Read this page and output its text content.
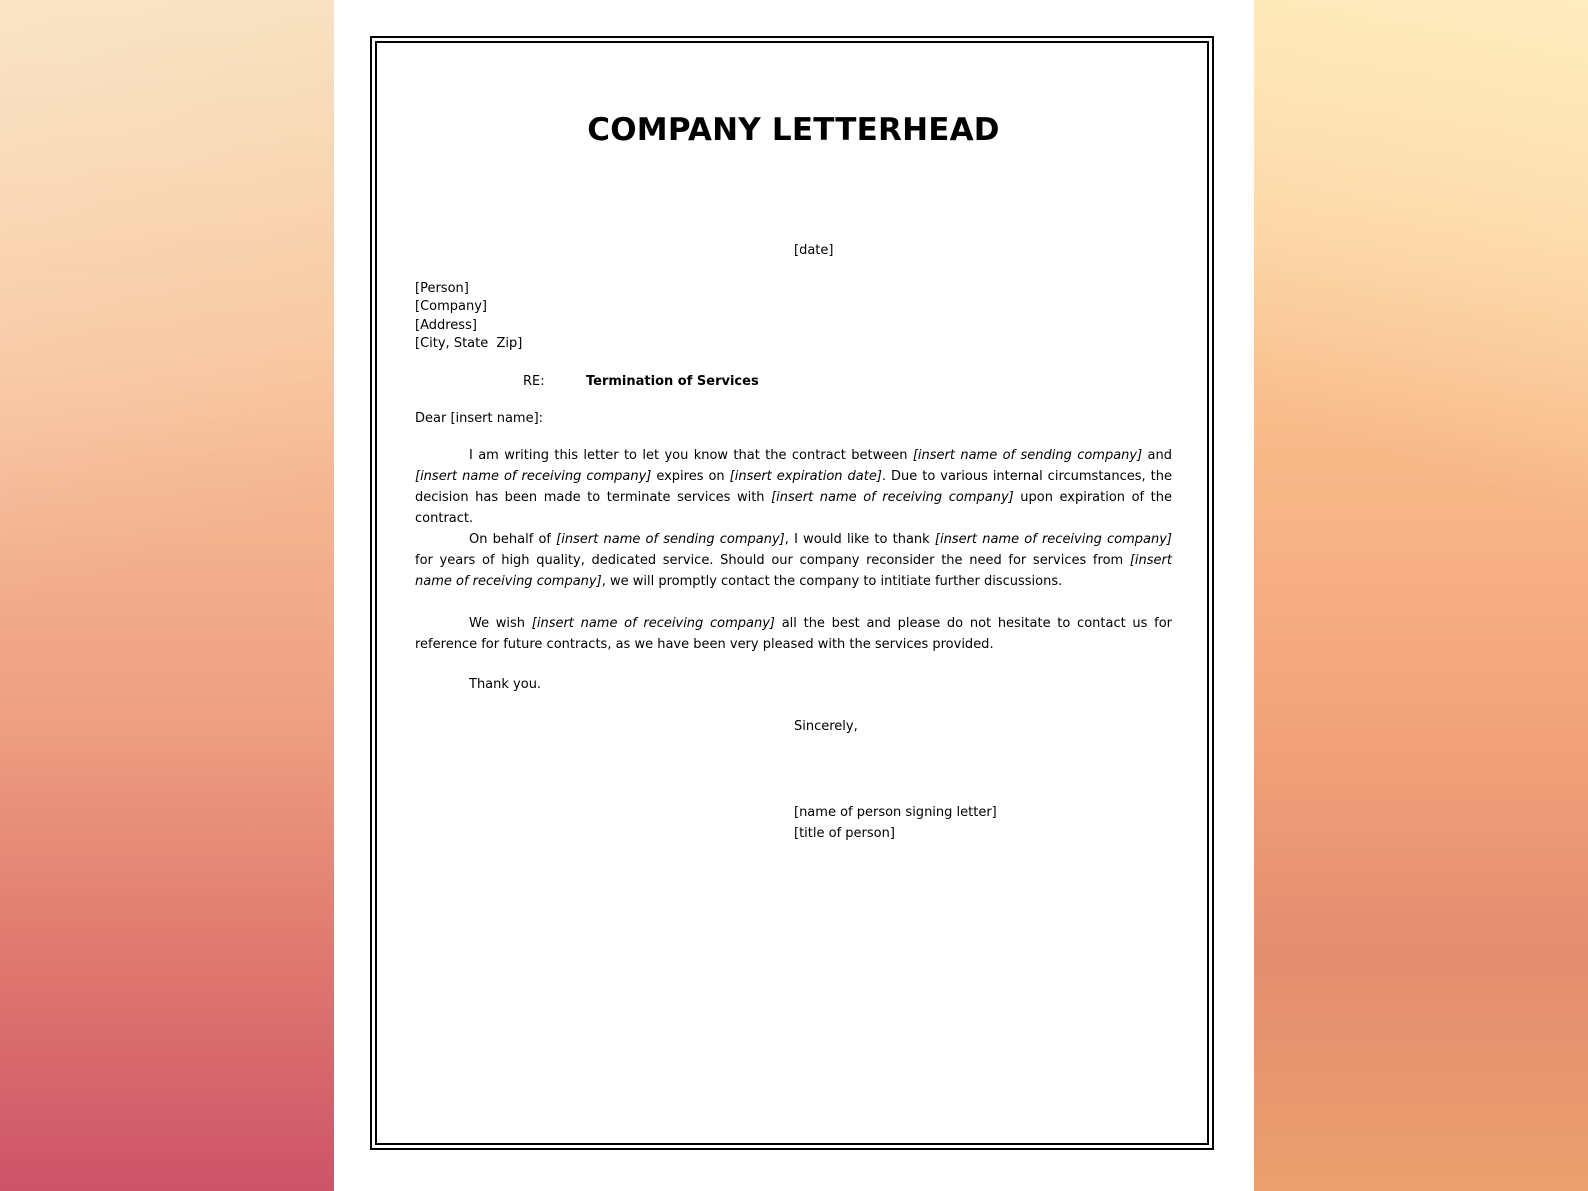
COMPANY LETTERHEAD
[date]
[Person]
[Company]
[Address]
[City, State  Zip]
RE:	Termination of Services
Dear [insert name]:
I am writing this letter to let you know that the contract between [insert name of sending company] and [insert name of receiving company] expires on [insert expiration date]. Due to various internal circumstances, the decision has been made to terminate services with [insert name of receiving company] upon expiration of the contract.
On behalf of [insert name of sending company], I would like to thank [insert name of receiving company] for years of high quality, dedicated service. Should our company reconsider the need for services from [insert name of receiving company], we will promptly contact the company to intitiate further discussions.
We wish [insert name of receiving company] all the best and please do not hesitate to contact us for reference for future contracts, as we have been very pleased with the services provided.
Thank you.
Sincerely,
[name of person signing letter]
[title of person]
